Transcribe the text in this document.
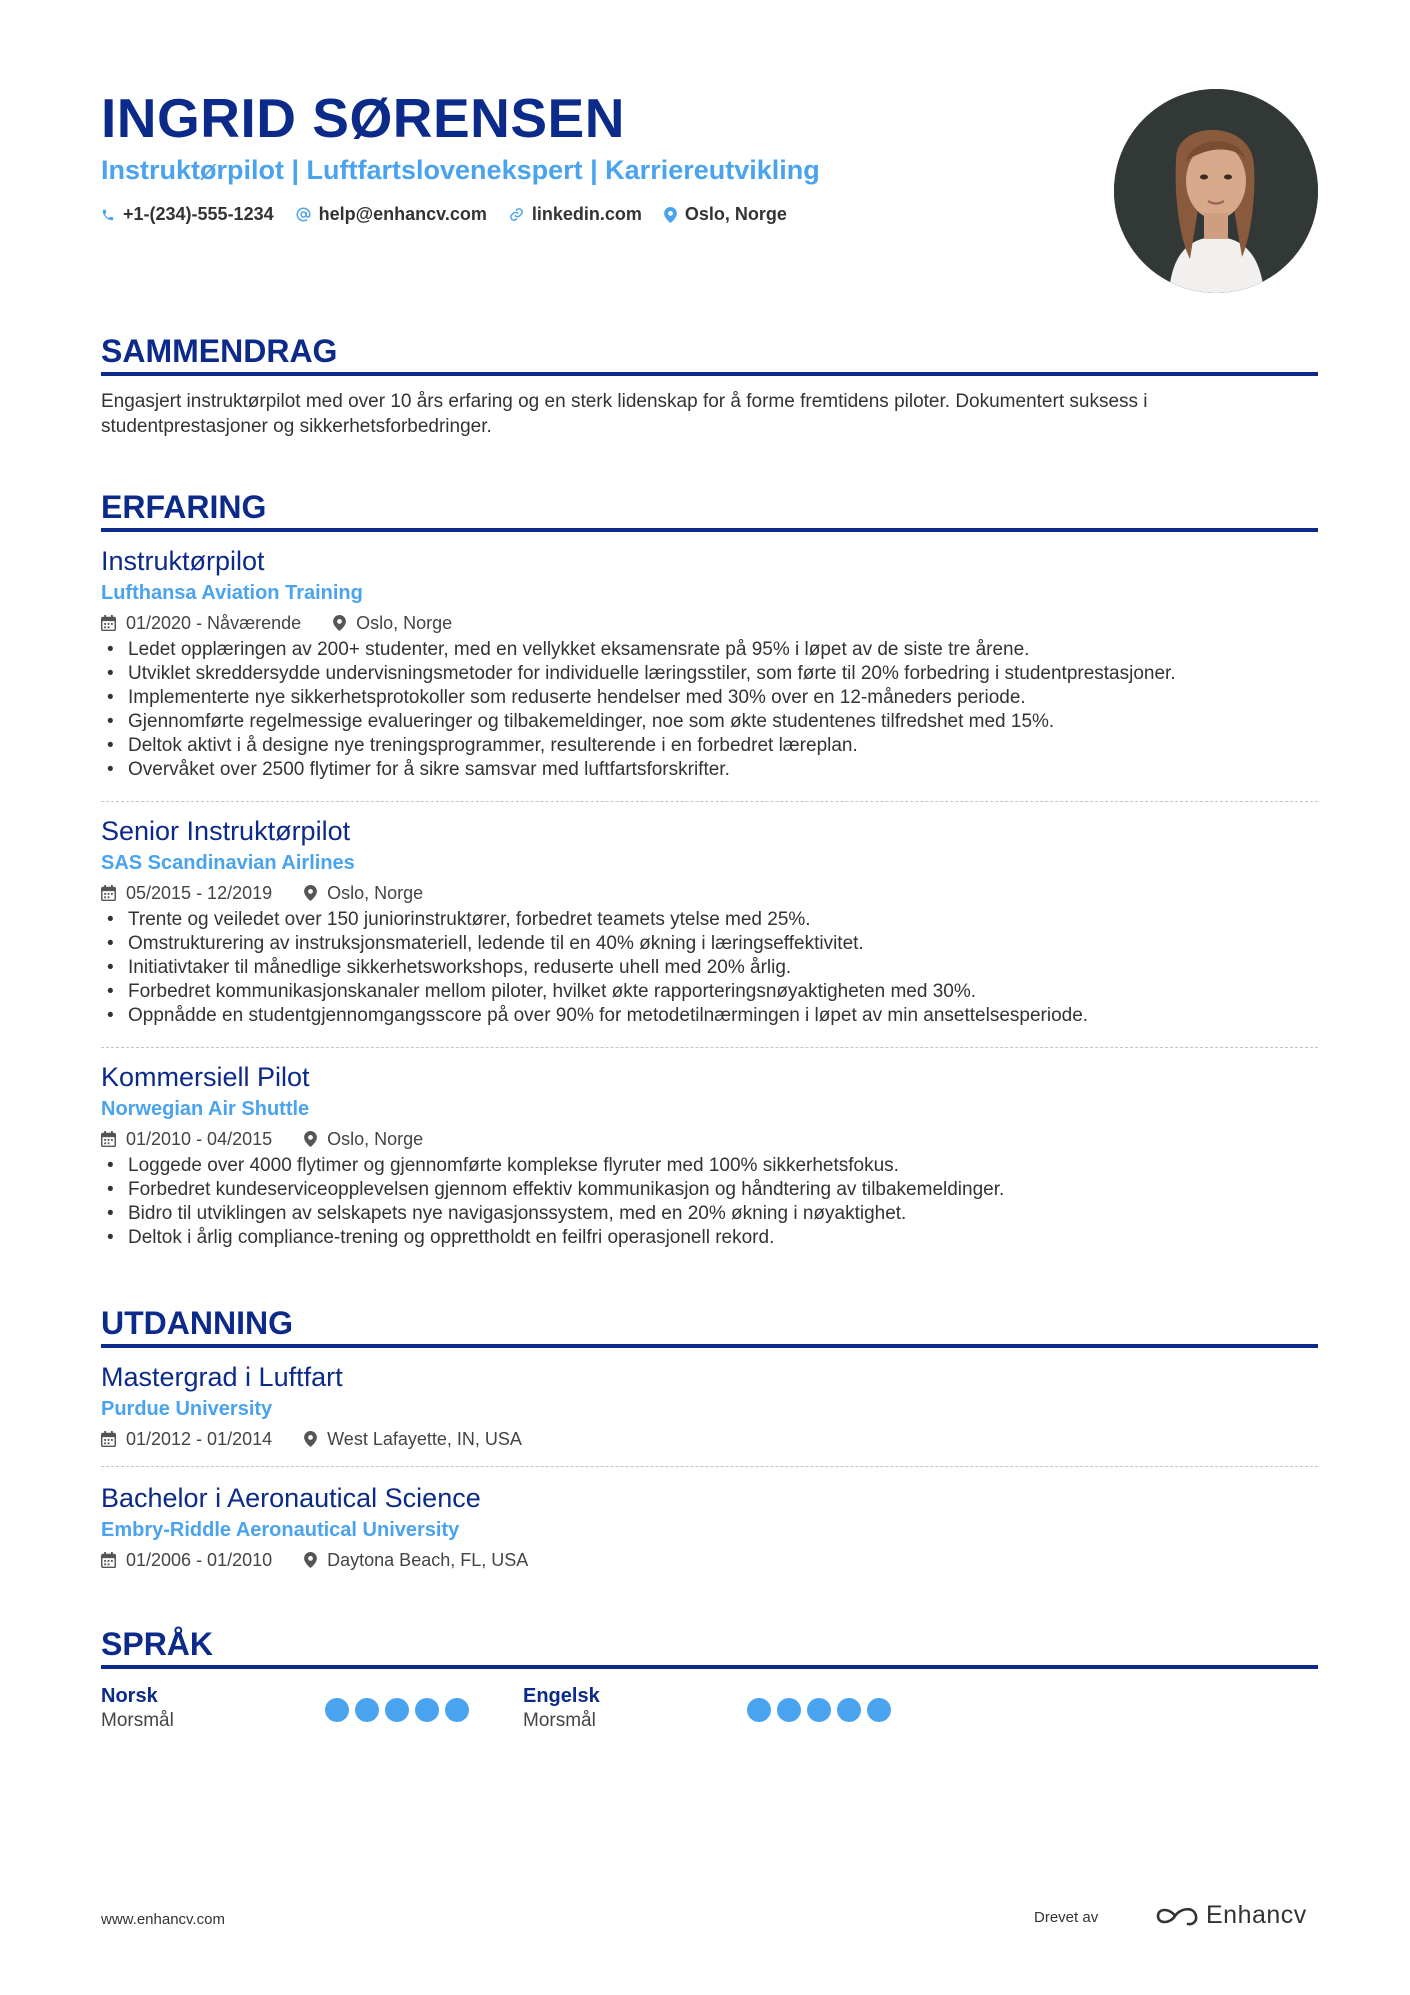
INGRID SØRENSEN
Instruktørpilot | Luftfartslovenekspert | Karriereutvikling
+1-(234)-555-1234	help@enhancv.com	linkedin.com Oslo, Norge
SAMMENDRAG
Engasjert instruktørpilot med over 10 års erfaring og en sterk lidenskap for å forme fremtidens piloter. Dokumentert suksess i studentprestasjoner og sikkerhetsforbedringer.
ERFARING
Instruktørpilot
Lufthansa Aviation Training
01/2020 - Nåværende	Oslo, Norge
• Ledet opplæringen av 200+ studenter, med en vellykket eksamensrate på 95% i løpet av de siste tre årene.
• Utviklet skreddersydde undervisningsmetoder for individuelle læringsstiler, som førte til 20% forbedring i studentprestasjoner.
• Implementerte nye sikkerhetsprotokoller som reduserte hendelser med 30% over en 12-måneders periode.
• Gjennomførte regelmessige evalueringer og tilbakemeldinger, noe som økte studentenes tilfredshet med 15%.
• Deltok aktivt i å designe nye treningsprogrammer, resulterende i en forbedret læreplan.
• Overvåket over 2500 flytimer for å sikre samsvar med luftfartsforskrifter.
Senior Instruktørpilot
SAS Scandinavian Airlines
05/2015 - 12/2019	Oslo, Norge
• Trente og veiledet over 150 juniorinstruktører, forbedret teamets ytelse med 25%.
• Omstrukturering av instruksjonsmateriell, ledende til en 40% økning i læringseffektivitet.
• Initiativtaker til månedlige sikkerhetsworkshops, reduserte uhell med 20% årlig.
• Forbedret kommunikasjonskanaler mellom piloter, hvilket økte rapporteringsnøyaktigheten med 30%.
• Oppnådde en studentgjennomgangsscore på over 90% for metodetilnærmingen i løpet av min ansettelsesperiode.
Kommersiell Pilot
Norwegian Air Shuttle
01/2010 - 04/2015	Oslo, Norge
• Loggede over 4000 flytimer og gjennomførte komplekse flyruter med 100% sikkerhetsfokus.
• Forbedret kundeserviceopplevelsen gjennom effektiv kommunikasjon og håndtering av tilbakemeldinger.
• Bidro til utviklingen av selskapets nye navigasjonssystem, med en 20% økning i nøyaktighet.
• Deltok i årlig compliance-trening og opprettholdt en feilfri operasjonell rekord.
UTDANNING
Mastergrad i Luftfart
Purdue University
01/2012 - 01/2014	West Lafayette, IN, USA
Bachelor i Aeronautical Science
Embry-Riddle Aeronautical University
01/2006 - 01/2010	Daytona Beach, FL, USA
SPRÅK
Norsk
Morsmål
Engelsk
Morsmål
www.enhancv.com	Drevet av	Enhancv
